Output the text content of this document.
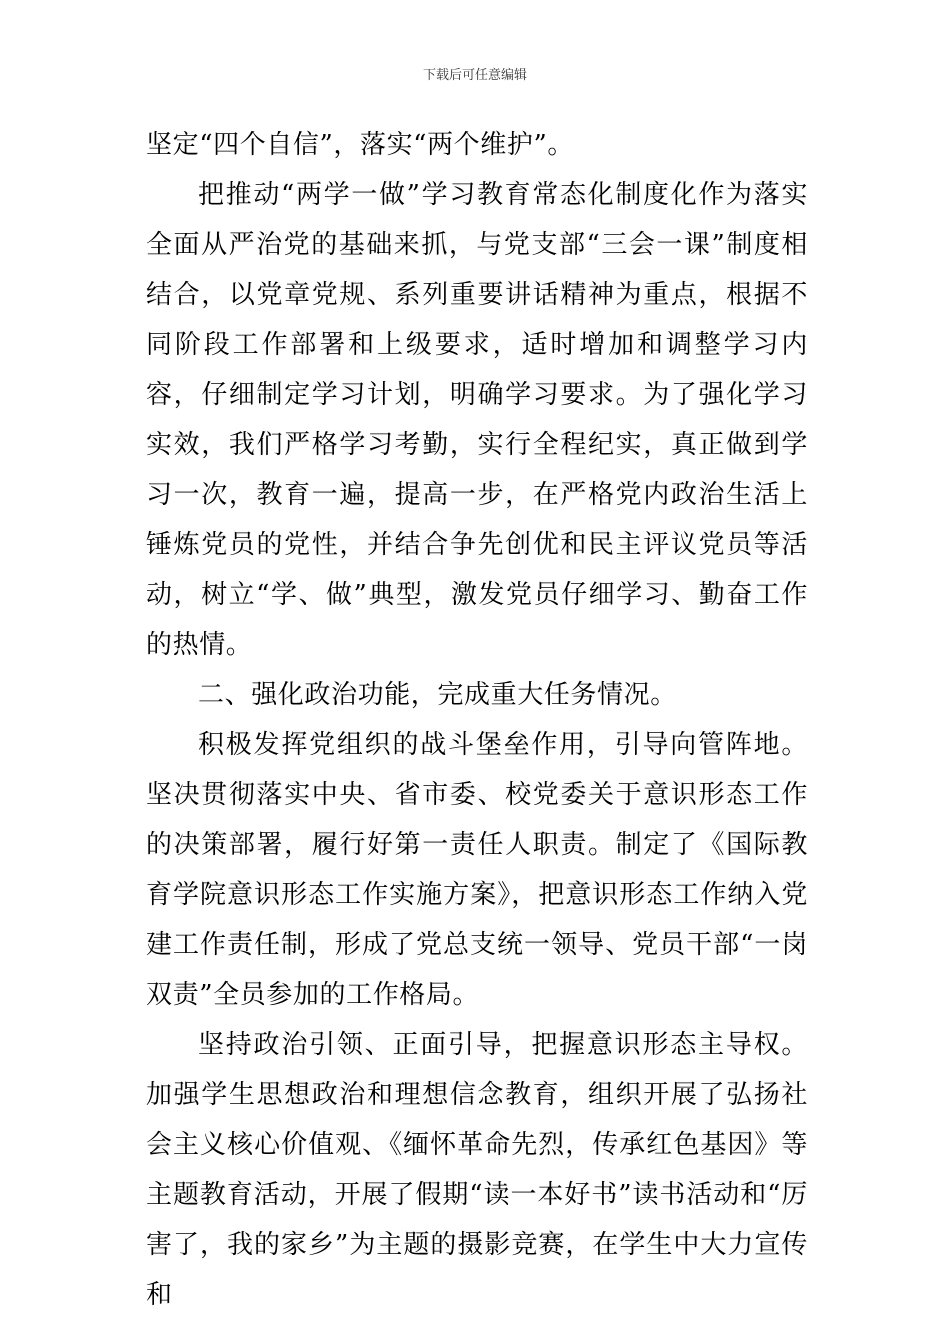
下载后可任意编辑

坚定“四个自信”，落实“两个维护”。

把推动“两学一做”学习教育常态化制度化作为落实全面从严治党的基础来抓，与党支部“三会一课”制度相结合，以党章党规、系列重要讲话精神为重点，根据不同阶段工作部署和上级要求，适时增加和调整学习内容，仔细制定学习计划，明确学习要求。为了强化学习实效，我们严格学习考勤，实行全程纪实，真正做到学习一次，教育一遍，提高一步，在严格党内政治生活上锤炼党员的党性，并结合争先创优和民主评议党员等活动，树立“学、做”典型，激发党员仔细学习、勤奋工作的热情。

二、强化政治功能，完成重大任务情况。

积极发挥党组织的战斗堡垒作用，引导向管阵地。坚决贯彻落实中央、省市委、校党委关于意识形态工作的决策部署，履行好第一责任人职责。制定了《国际教育学院意识形态工作实施方案》，把意识形态工作纳入党建工作责任制，形成了党总支统一领导、党员干部“一岗双责”全员参加的工作格局。

坚持政治引领、正面引导，把握意识形态主导权。加强学生思想政治和理想信念教育，组织开展了弘扬社会主义核心价值观、《缅怀革命先烈，传承红色基因》等主题教育活动，开展了假期“读一本好书”读书活动和“厉害了，我的家乡”为主题的摄影竞赛，在学生中大力宣传和
